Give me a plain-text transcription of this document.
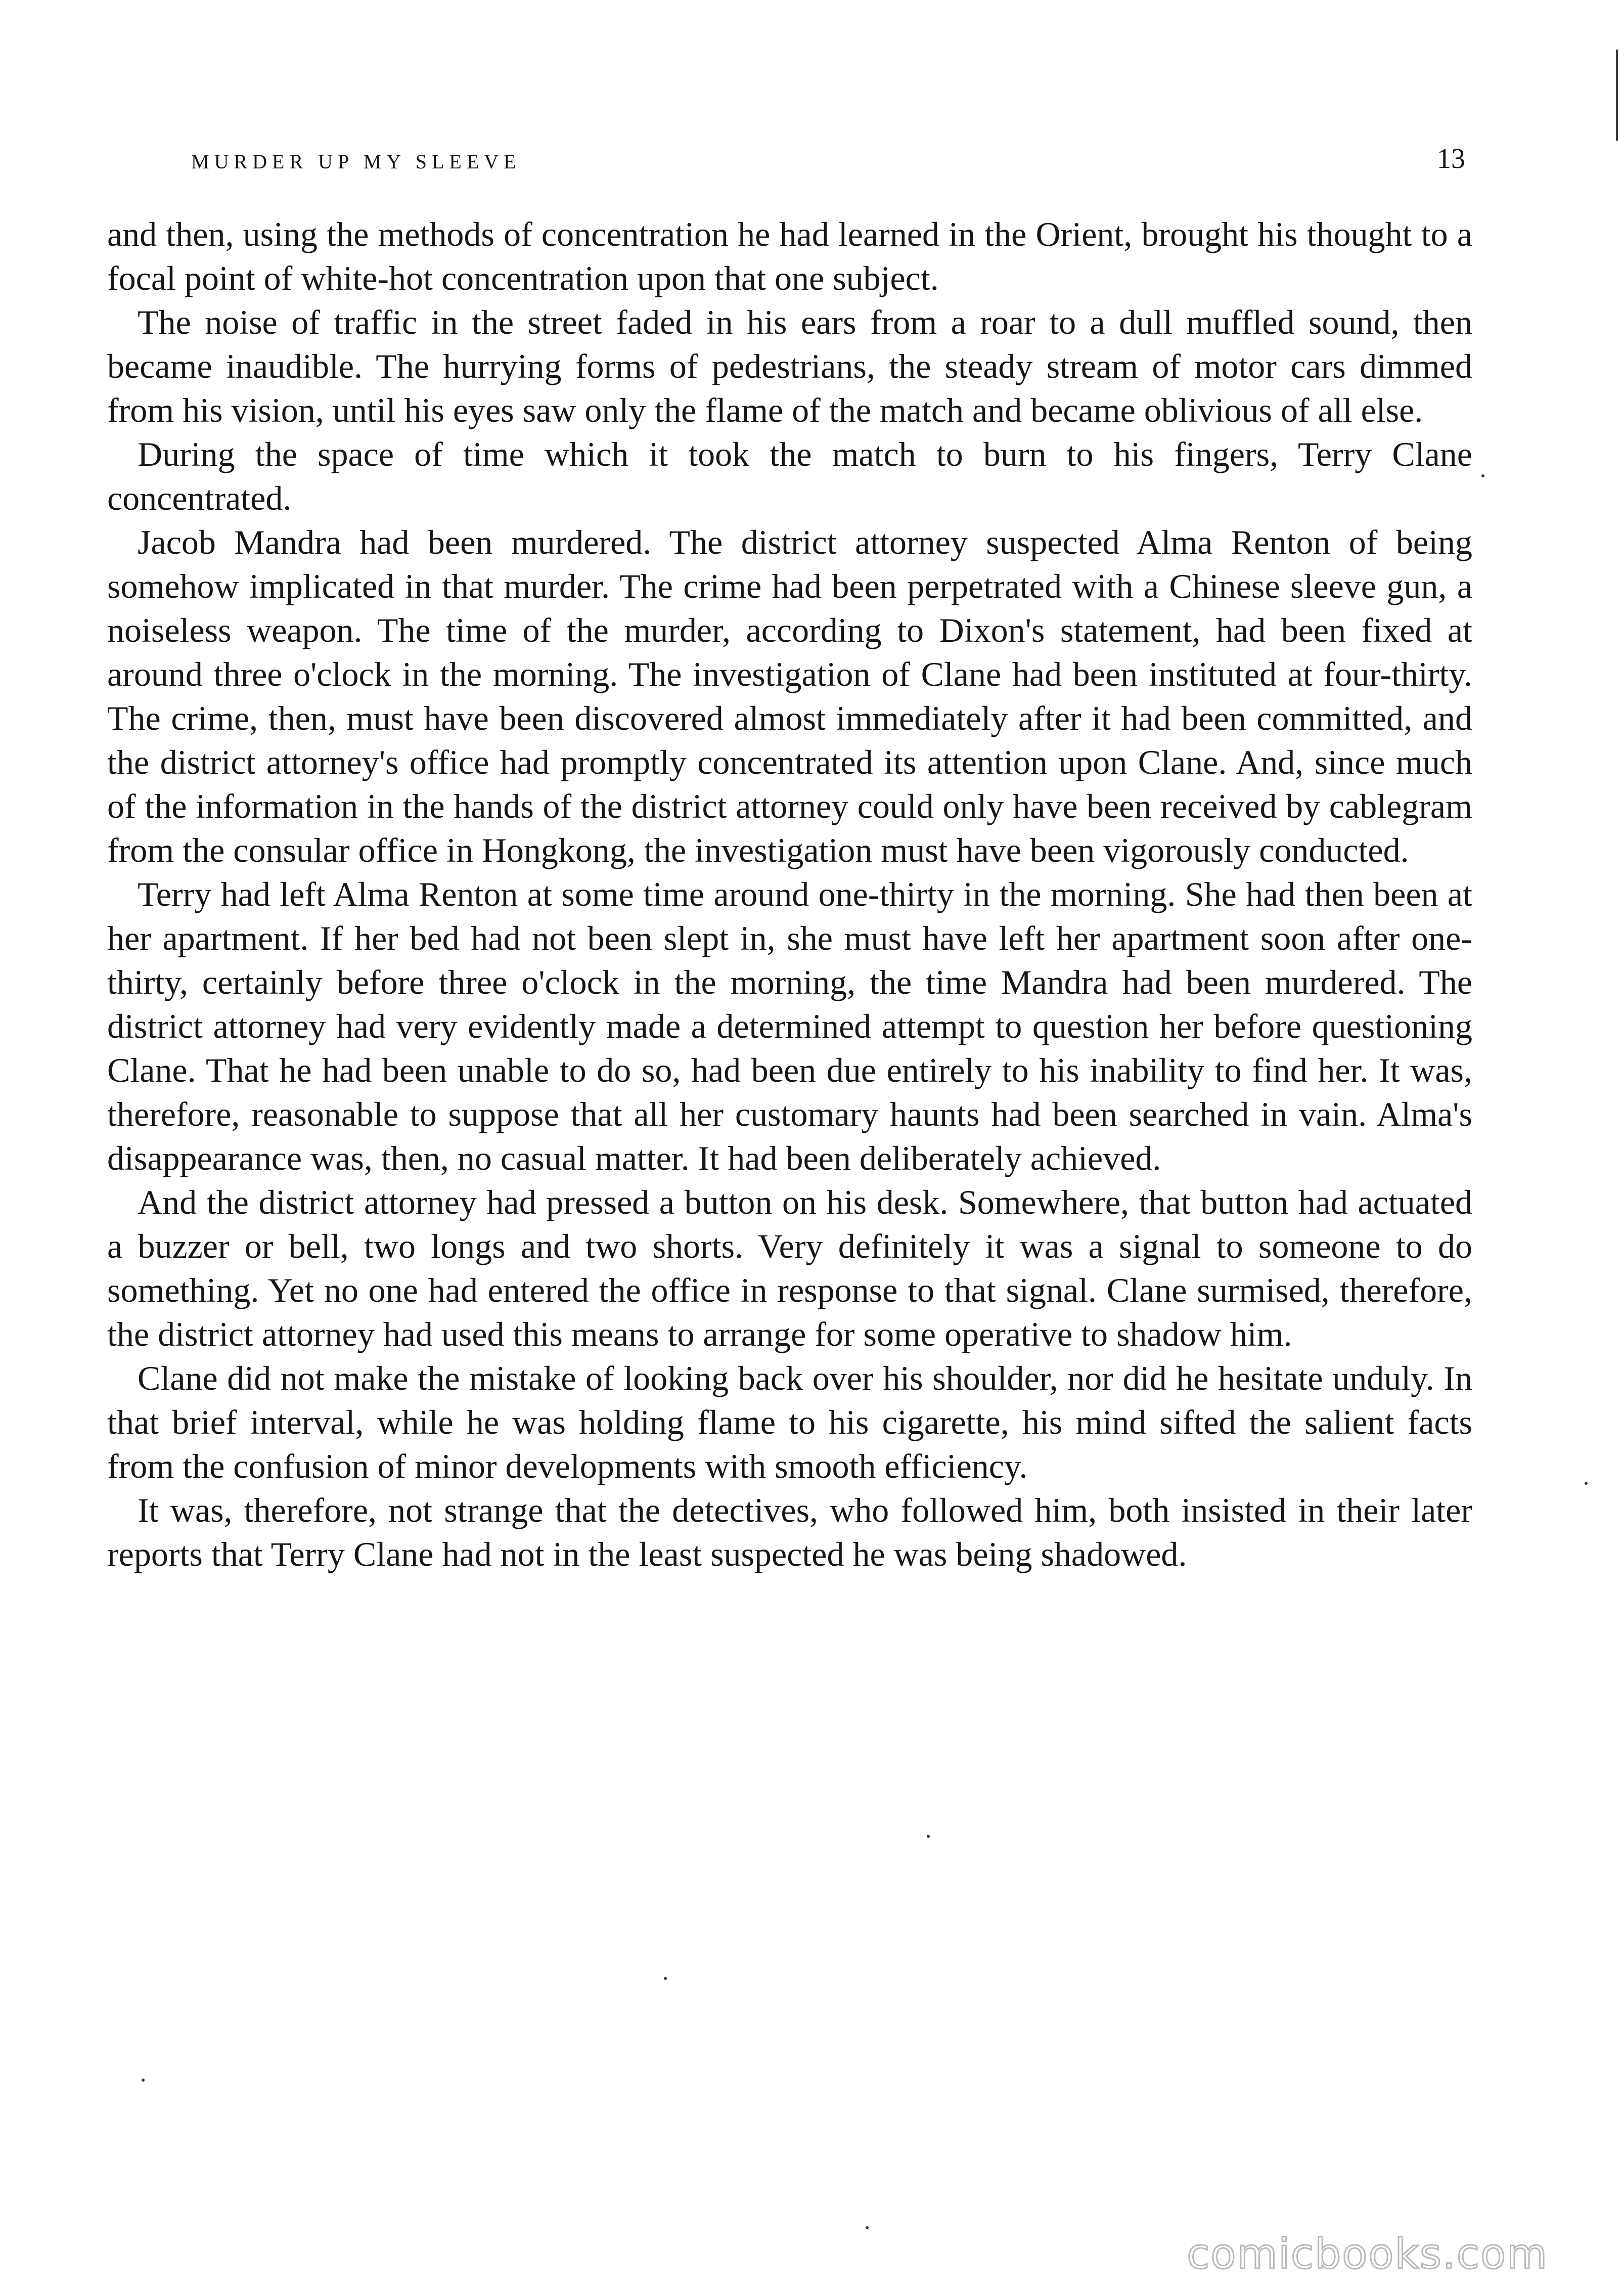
MURDER UP MY SLEEVE	13

and then, using the methods of concentration he had learned in the Orient, brought his thought to a focal point of white-hot concentration upon that one subject.

The noise of traffic in the street faded in his ears from a roar to a dull muffled sound, then became inaudible. The hurrying forms of pedestrians, the steady stream of motor cars dimmed from his vision, until his eyes saw only the flame of the match and became oblivious of all else.

During the space of time which it took the match to burn to his fingers, Terry Clane concentrated.

Jacob Mandra had been murdered. The district attorney suspected Alma Renton of being somehow implicated in that murder. The crime had been perpetrated with a Chinese sleeve gun, a noiseless weapon. The time of the murder, according to Dixon's statement, had been fixed at around three o'clock in the morning. The investigation of Clane had been instituted at four-thirty. The crime, then, must have been discovered almost immediately after it had been committed, and the district attorney's office had promptly concentrated its attention upon Clane. And, since much of the information in the hands of the district attorney could only have been received by cablegram from the consular office in Hongkong, the investigation must have been vigorously conducted.

Terry had left Alma Renton at some time around one-thirty in the morning. She had then been at her apartment. If her bed had not been slept in, she must have left her apartment soon after one-thirty, certainly before three o'clock in the morning, the time Mandra had been murdered. The district attorney had very evidently made a determined attempt to question her before questioning Clane. That he had been unable to do so, had been due entirely to his inability to find her. It was, therefore, reasonable to suppose that all her customary haunts had been searched in vain. Alma's disappearance was, then, no casual matter. It had been deliberately achieved.

And the district attorney had pressed a button on his desk. Somewhere, that button had actuated a buzzer or bell, two longs and two shorts. Very definitely it was a signal to someone to do something. Yet no one had entered the office in response to that signal. Clane surmised, therefore, the district attorney had used this means to arrange for some operative to shadow him.

Clane did not make the mistake of looking back over his shoulder, nor did he hesitate unduly. In that brief interval, while he was holding flame to his cigarette, his mind sifted the salient facts from the confusion of minor developments with smooth efficiency.

It was, therefore, not strange that the detectives, who followed him, both insisted in their later reports that Terry Clane had not in the least suspected he was being shadowed.

comicbooks.com
